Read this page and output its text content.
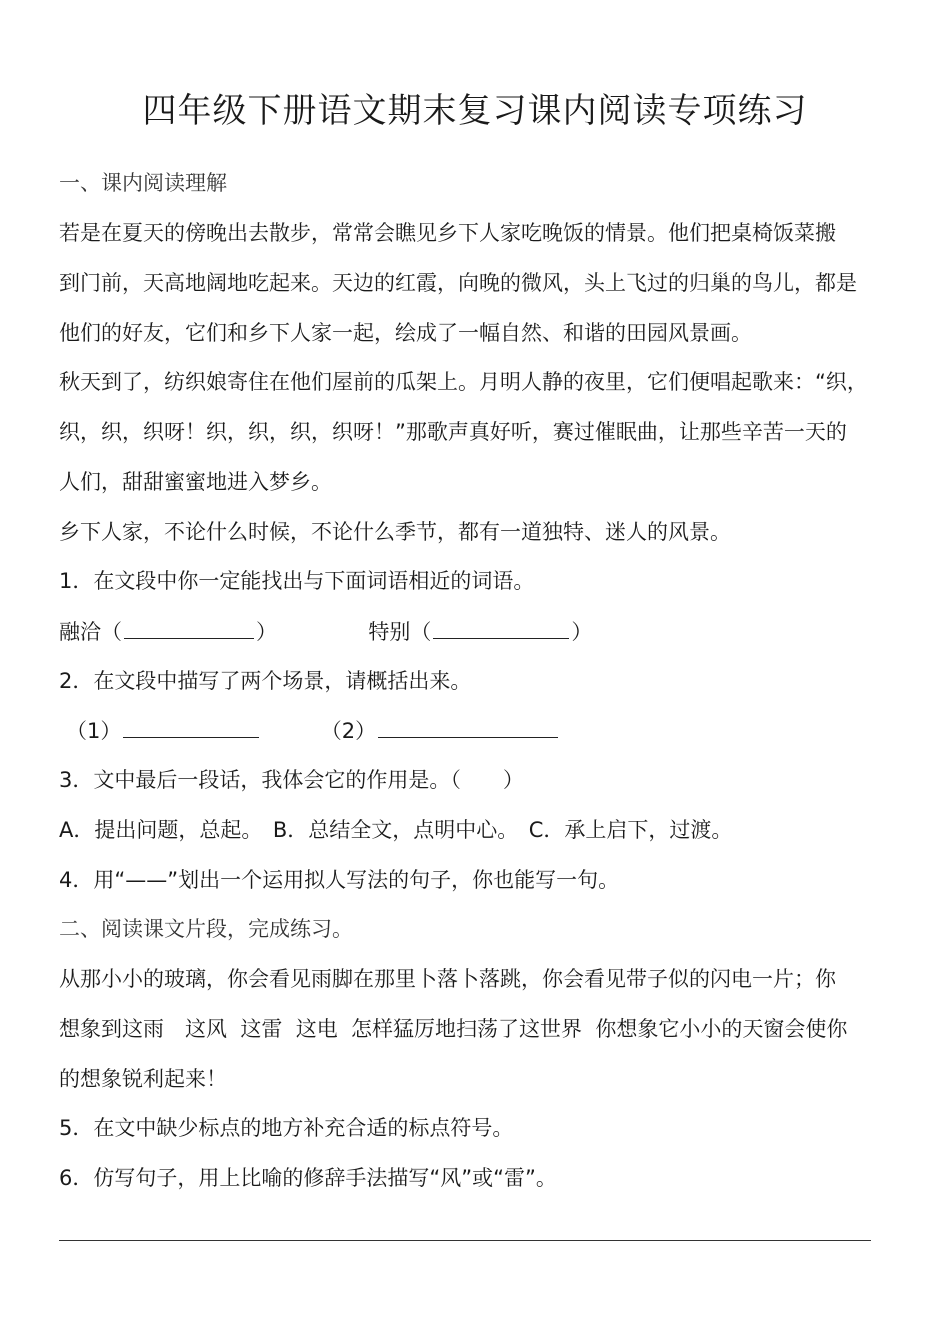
四年级下册语文期末复习课内阅读专项练习
一、课内阅读理解
若是在夏天的傍晚出去散步，常常会瞧见乡下人家吃晚饭的情景。他们把桌椅饭菜搬
到门前，天高地阔地吃起来。天边的红霞，向晚的微风，头上飞过的归巢的鸟儿，都是
他们的好友，它们和乡下人家一起，绘成了一幅自然、和谐的田园风景画。
秋天到了，纺织娘寄住在他们屋前的瓜架上。月明人静的夜里，它们便唱起歌来：“织，
织，织，织呀！织，织，织，织呀！”那歌声真好听，赛过催眠曲，让那些辛苦一天的
人们，甜甜蜜蜜地进入梦乡。
乡下人家，不论什么时候，不论什么季节，都有一道独特、迷人的风景。
1．在文段中你一定能找出与下面词语相近的词语。
融洽（	）	特别（	）
2．在文段中描写了两个场景，请概括出来。
（1）	（2）
3．文中最后一段话，我体会它的作用是。（　　）
A．提出问题，总起。　B．总结全文，点明中心。　C．承上启下，过渡。
4．用“——”划出一个运用拟人写法的句子，你也能写一句。
二、阅读课文片段，完成练习。
从那小小的玻璃，你会看见雨脚在那里卜落卜落跳，你会看见带子似的闪电一片；你
想象到这雨　这风  这雷  这电  怎样猛厉地扫荡了这世界  你想象它小小的天窗会使你
的想象锐利起来！
5．在文中缺少标点的地方补充合适的标点符号。
6．仿写句子，用上比喻的修辞手法描写“风”或“雷”。
